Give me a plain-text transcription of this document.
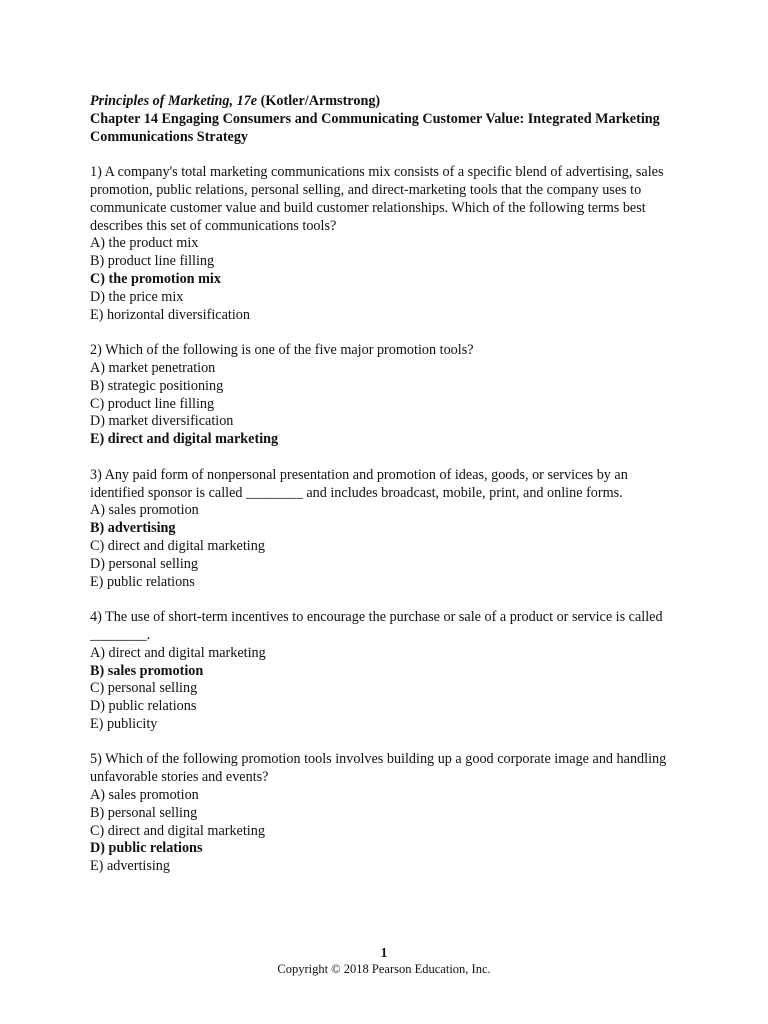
Principles of Marketing, 17e (Kotler/Armstrong)
Chapter 14 Engaging Consumers and Communicating Customer Value: Integrated Marketing Communications Strategy
1) A company's total marketing communications mix consists of a specific blend of advertising, sales promotion, public relations, personal selling, and direct-marketing tools that the company uses to communicate customer value and build customer relationships. Which of the following terms best describes this set of communications tools?
A) the product mix
B) product line filling
C) the promotion mix
D) the price mix
E) horizontal diversification
2) Which of the following is one of the five major promotion tools?
A) market penetration
B) strategic positioning
C) product line filling
D) market diversification
E) direct and digital marketing
3) Any paid form of nonpersonal presentation and promotion of ideas, goods, or services by an identified sponsor is called ________ and includes broadcast, mobile, print, and online forms.
A) sales promotion
B) advertising
C) direct and digital marketing
D) personal selling
E) public relations
4) The use of short-term incentives to encourage the purchase or sale of a product or service is called ________.
A) direct and digital marketing
B) sales promotion
C) personal selling
D) public relations
E) publicity
5) Which of the following promotion tools involves building up a good corporate image and handling unfavorable stories and events?
A) sales promotion
B) personal selling
C) direct and digital marketing
D) public relations
E) advertising
1
Copyright © 2018 Pearson Education, Inc.
